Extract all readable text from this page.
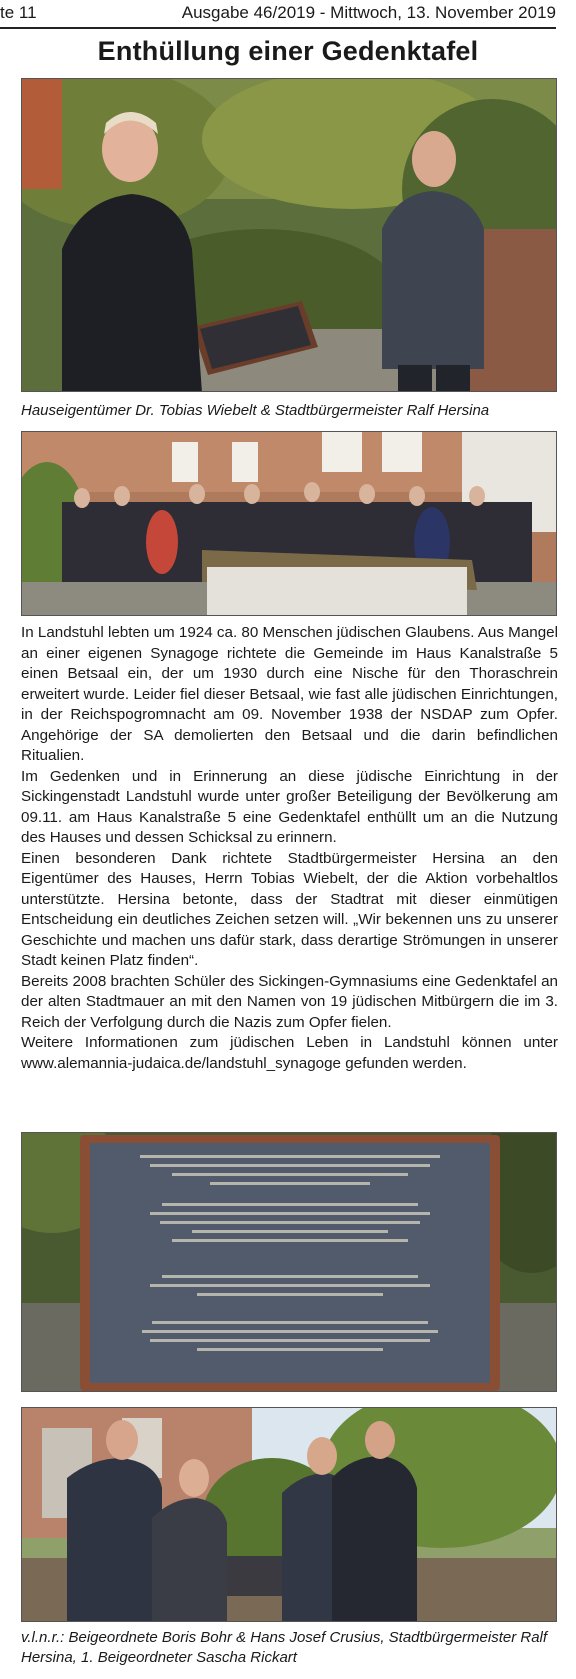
te 11	Ausgabe 46/2019 - Mittwoch, 13. November 2019
Enthüllung einer Gedenktafel
Hauseigentümer Dr. Tobias Wiebelt & Stadtbürgermeister Ralf Hersina

In Landstuhl lebten um 1924 ca. 80 Menschen jüdischen Glaubens. Aus Mangel an einer eigenen Synagoge richtete die Gemeinde im Haus Kanalstraße 5 einen Betsaal ein, der um 1930 durch eine Nische für den Thoraschrein erweitert wurde. Leider fiel dieser Betsaal, wie fast alle jüdischen Einrichtungen, in der Reichspogromnacht am 09. November 1938 der NSDAP zum Opfer. Angehörige der SA demolierten den Betsaal und die darin befindlichen Ritualien.

Im Gedenken und in Erinnerung an diese jüdische Einrichtung in der Sickingenstadt Landstuhl wurde unter großer Beteiligung der Bevölkerung am 09.11. am Haus Kanalstraße 5 eine Gedenktafel enthüllt um an die Nutzung des Hauses und dessen Schicksal zu erinnern.

Einen besonderen Dank richtete Stadtbürgermeister Hersina an den Eigentümer des Hauses, Herrn Tobias Wiebelt, der die Aktion vorbehaltlos unterstützte. Hersina betonte, dass der Stadtrat mit dieser einmütigen Entscheidung ein deutliches Zeichen setzen will. „Wir bekennen uns zu unserer Geschichte und machen uns dafür stark, dass derartige Strömungen in unserer Stadt keinen Platz finden“.

Bereits 2008 brachten Schüler des Sickingen-Gymnasiums eine Gedenktafel an der alten Stadtmauer an mit den Namen von 19 jüdischen Mitbürgern die im 3. Reich der Verfolgung durch die Nazis zum Opfer fielen.

Weitere Informationen zum jüdischen Leben in Landstuhl können unter www.alemannia-judaica.de/landstuhl_synagoge gefunden werden.

v.l.n.r.: Beigeordnete Boris Bohr & Hans Josef Crusius, Stadtbürgermeister Ralf Hersina, 1. Beigeordneter Sascha Rickart
